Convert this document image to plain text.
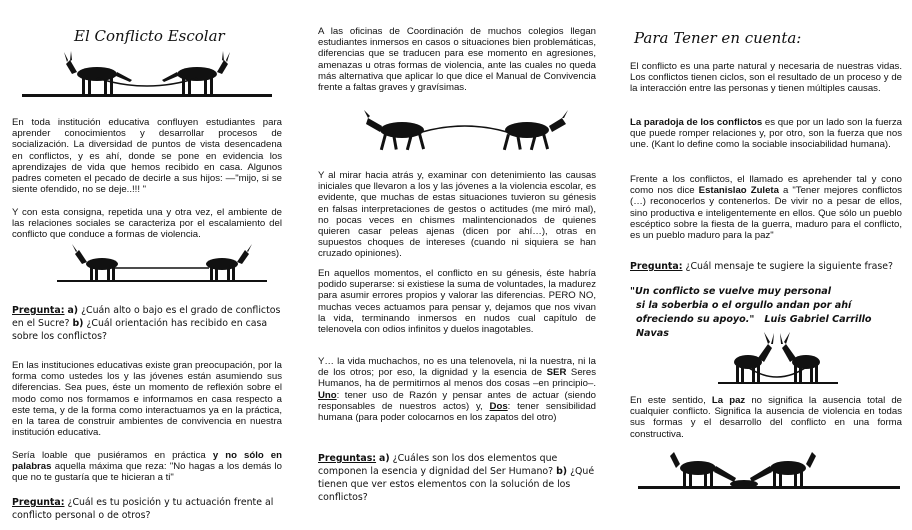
El Conflicto Escolar

En toda institución educativa confluyen estudiantes para aprender conocimientos y desarrollar procesos de socialización. La diversidad de puntos de vista desencadena en conflictos, y es ahí, donde se pone en evidencia los aprendizajes de vida que hemos recibido en casa. Algunos padres cometen el pecado de decirle a sus hijos: —"mijo, si se siente ofendido, no se deje..!!! "

Y con esta consigna, repetida una y otra vez, el ambiente de las relaciones sociales se caracteriza por el escalamiento del conflicto que conduce a formas de violencia.

Pregunta: a) ¿Cuán alto o bajo es el grado de conflictos en el Sucre? b) ¿Cuál orientación has recibido en casa sobre los conflictos?

En las instituciones educativas existe gran preocupación, por la forma como ustedes los y las jóvenes están asumiendo sus diferencias. Sea pues, éste un momento de reflexión sobre el modo como nos formamos e informamos en casa respecto a este tema, y de la forma como interactuamos ya en la práctica, en la tarea de construir ambientes de convivencia en nuestra institución educativa.

Sería loable que pusiéramos en práctica y no sólo en palabras aquella máxima que reza: "No hagas a los demás lo que no te gustaría que te hicieran a ti"

Pregunta: ¿Cuál es tu posición y tu actuación frente al conflicto personal o de otros?

A las oficinas de Coordinación de muchos colegios llegan estudiantes inmersos en casos o situaciones bien problemáticas, diferencias que se traducen para ese momento en agresiones, amenazas u otras formas de violencia, ante las cuales no queda más alternativa que aplicar lo que dice el Manual de Convivencia frente a faltas graves y gravísimas.

Y al mirar hacia atrás y, examinar con detenimiento las causas iniciales que llevaron a los y las jóvenes a la violencia escolar, es evidente, que muchas de estas situaciones tuvieron su génesis en falsas interpretaciones de gestos o actitudes (me miró mal), no pocas veces en chismes malintencionados de quienes quieren casar peleas ajenas (dicen por ahí…), otras en supuestos choques de intereses (cuando ni siquiera se han cruzado opiniones).

En aquellos momentos, el conflicto en su génesis, éste habría podido superarse: si existiese la suma de voluntades, la madurez para asumir errores propios y valorar las diferencias. PERO NO, muchas veces actuamos para pensar y, dejamos que nos vivan la vida, terminando inmersos en nudos cual capítulo de telenovela con odios infinitos y duelos inagotables.

Y… la vida muchachos, no es una telenovela, ni la nuestra, ni la de los otros; por eso, la dignidad y la esencia de SER Seres Humanos, ha de permitirnos al menos dos cosas –en principio–. Uno: tener uso de Razón y pensar antes de actuar (siendo responsables de nuestros actos) y, Dos: tener sensibilidad humana (para poder colocarnos en los zapatos del otro)

Preguntas: a) ¿Cuáles son los dos elementos que componen la esencia y dignidad del Ser Humano? b) ¿Qué tienen que ver estos elementos con la solución de los conflictos?

Para Tener en cuenta:

El conflicto es una parte natural y necesaria de nuestras vidas. Los conflictos tienen ciclos, son el resultado de un proceso y de la interacción entre las personas y tienen múltiples causas.

La paradoja de los conflictos es que por un lado son la fuerza que puede romper relaciones y, por otro, son la fuerza que nos une. (Kant lo define como la sociable insociabilidad humana).

Frente a los conflictos, el llamado es aprehender tal y cono como nos dice Estanislao Zuleta a "Tener mejores conflictos (…) reconocerlos y contenerlos. De vivir no a pesar de ellos, sino productiva e inteligentemente en ellos. Que sólo un pueblo escéptico sobre la fiesta de la guerra, maduro para el conflicto, es un pueblo maduro para la paz"

Pregunta: ¿Cuál mensaje te sugiere la siguiente frase?

"Un conflicto se vuelve muy personal

si la soberbia o el orgullo andan por ahí

ofreciendo su apoyo." Luis Gabriel Carrillo Navas

En este sentido, La paz no significa la ausencia total de cualquier conflicto. Significa la ausencia de violencia en todas sus formas y el desarrollo del conflicto en una forma constructiva.
